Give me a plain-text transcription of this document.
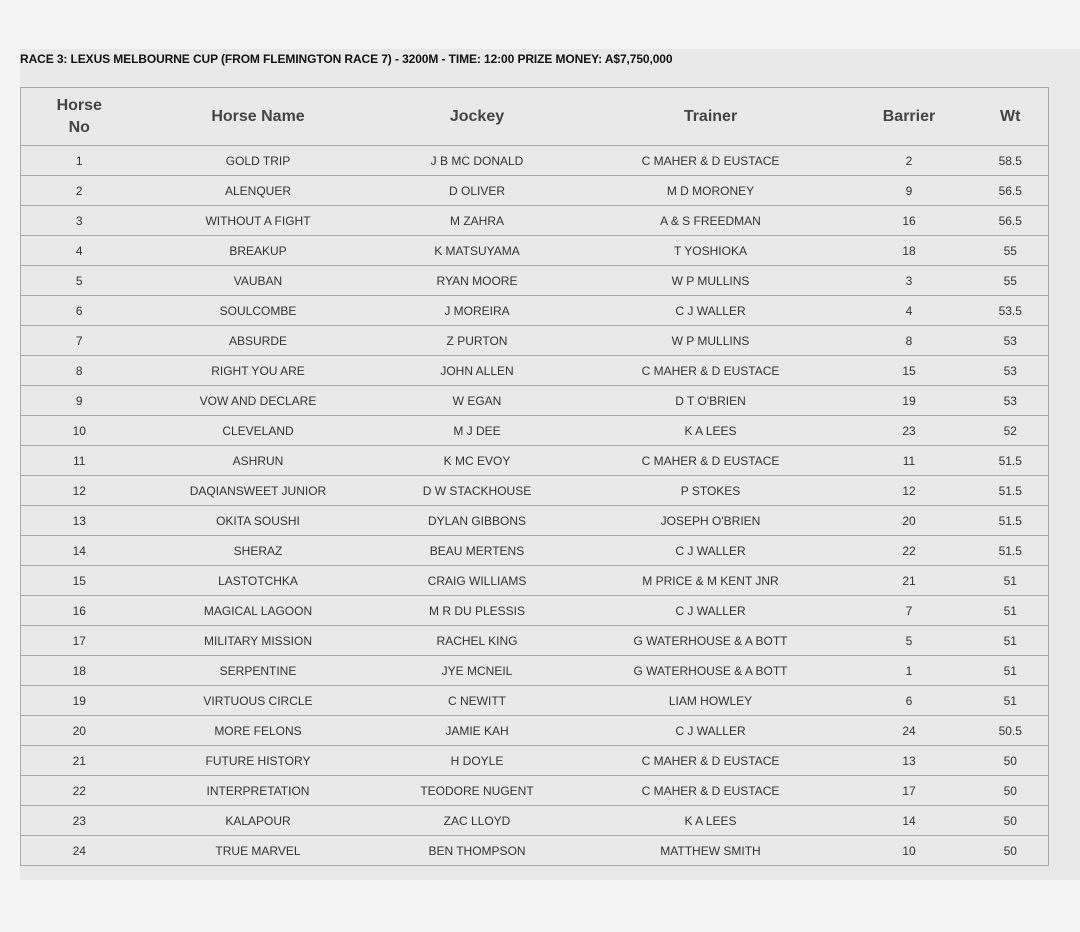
RACE 3: LEXUS MELBOURNE CUP (FROM FLEMINGTON RACE 7) - 3200M - TIME: 12:00 PRIZE MONEY: A$7,750,000
Horse No	Horse Name	Jockey	Trainer	Barrier	Wt
1	GOLD TRIP	J B MC DONALD	C MAHER & D EUSTACE	2	58.5
2	ALENQUER	D OLIVER	M D MORONEY	9	56.5
3	WITHOUT A FIGHT	M ZAHRA	A & S FREEDMAN	16	56.5
4	BREAKUP	K MATSUYAMA	T YOSHIOKA	18	55
5	VAUBAN	RYAN MOORE	W P MULLINS	3	55
6	SOULCOMBE	J MOREIRA	C J WALLER	4	53.5
7	ABSURDE	Z PURTON	W P MULLINS	8	53
8	RIGHT YOU ARE	JOHN ALLEN	C MAHER & D EUSTACE	15	53
9	VOW AND DECLARE	W EGAN	D T O'BRIEN	19	53
10	CLEVELAND	M J DEE	K A LEES	23	52
11	ASHRUN	K MC EVOY	C MAHER & D EUSTACE	11	51.5
12	DAQIANSWEET JUNIOR	D W STACKHOUSE	P STOKES	12	51.5
13	OKITA SOUSHI	DYLAN GIBBONS	JOSEPH O'BRIEN	20	51.5
14	SHERAZ	BEAU MERTENS	C J WALLER	22	51.5
15	LASTOTCHKA	CRAIG WILLIAMS	M PRICE & M KENT JNR	21	51
16	MAGICAL LAGOON	M R DU PLESSIS	C J WALLER	7	51
17	MILITARY MISSION	RACHEL KING	G WATERHOUSE & A BOTT	5	51
18	SERPENTINE	JYE MCNEIL	G WATERHOUSE & A BOTT	1	51
19	VIRTUOUS CIRCLE	C NEWITT	LIAM HOWLEY	6	51
20	MORE FELONS	JAMIE KAH	C J WALLER	24	50.5
21	FUTURE HISTORY	H DOYLE	C MAHER & D EUSTACE	13	50
22	INTERPRETATION	TEODORE NUGENT	C MAHER & D EUSTACE	17	50
23	KALAPOUR	ZAC LLOYD	K A LEES	14	50
24	TRUE MARVEL	BEN THOMPSON	MATTHEW SMITH	10	50
